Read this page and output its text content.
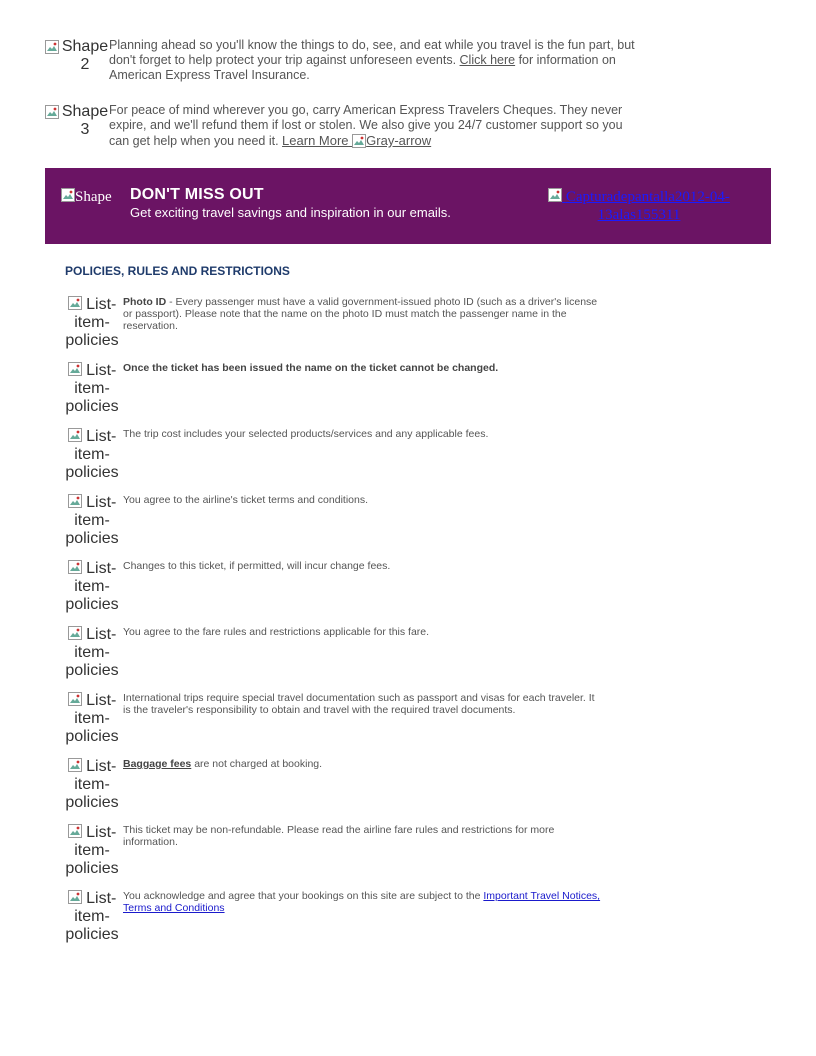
Shape 2
Planning ahead so you'll know the things to do, see, and eat while you travel is the fun part, but don't forget to help protect your trip against unforeseen events. Click here for information on American Express Travel Insurance.
Shape 3
For peace of mind wherever you go, carry American Express Travelers Cheques. They never expire, and we'll refund them if lost or stolen. We also give you 24/7 customer support so you can get help when you need it. Learn More
Gray-arrow
Shape DON'T MISS OUT

Get exciting travel savings and inspiration in our emails.

Capturadepantalla2012-04-13alas155311
POLICIES, RULES AND RESTRICTIONS
List-item-policies
Photo ID - Every passenger must have a valid government-issued photo ID (such as a driver's license or passport). Please note that the name on the photo ID must match the passenger name in the reservation.
List-item-policies
Once the ticket has been issued the name on the ticket cannot be changed.
List-item-policies
The trip cost includes your selected products/services and any applicable fees.
List-item-policies
You agree to the airline's ticket terms and conditions.
List-item-policies
Changes to this ticket, if permitted, will incur change fees.
List-item-policies
You agree to the fare rules and restrictions applicable for this fare.
List-item-policies
International trips require special travel documentation such as passport and visas for each traveler. It is the traveler's responsibility to obtain and travel with the required travel documents.
List-item-policies
Baggage fees are not charged at booking.
List-item-policies
This ticket may be non-refundable. Please read the airline fare rules and restrictions for more information.
List-item-policies
You acknowledge and agree that your bookings on this site are subject to the Important Travel Notices, Terms and Conditions
